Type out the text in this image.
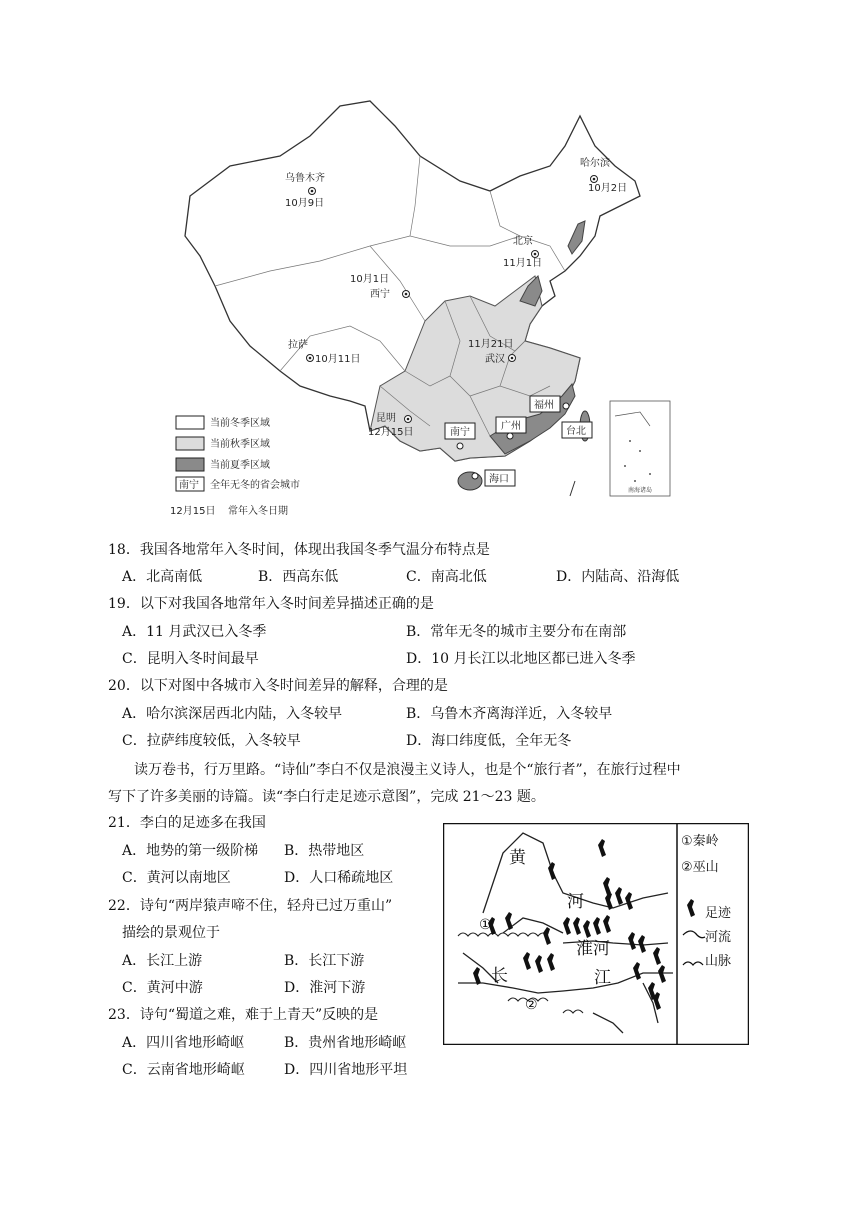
南海诸岛
乌鲁木齐
10月9日
哈尔滨
10月2日
北京
11月1日
10月1日
西宁
拉萨
10月11日
11月21日
武汉
昆明
12月15日	南宁
广州
福州
台北
海口
当前冬季区域
当前秋季区域
当前夏季区域
南宁 全年无冬的省会城市
12月15日 常年入冬日期
18．我国各地常年入冬时间，体现出我国冬季气温分布特点是
A．北高南低	B．西高东低	C．南高北低	D．内陆高、沿海低
19．以下对我国各地常年入冬时间差异描述正确的是
A．11 月武汉已入冬季	B．常年无冬的城市主要分布在南部
C．昆明入冬时间最早	D．10 月长江以北地区都已进入冬季
20．以下对图中各城市入冬时间差异的解释，合理的是
A．哈尔滨深居西北内陆，入冬较早	B．乌鲁木齐离海洋近，入冬较早
C．拉萨纬度较低，入冬较早	D．海口纬度低，全年无冬
读万卷书，行万里路。“诗仙”李白不仅是浪漫主义诗人，也是个“旅行者”，在旅行过程中
写下了许多美丽的诗篇。读“李白行走足迹示意图”，完成 21～23 题。
21．李白的足迹多在我国
A．地势的第一级阶梯 B．热带地区
C．黄河以南地区	D．人口稀疏地区
22．诗句“两岸猿声啼不住，轻舟已过万重山”
描绘的景观位于
A．长江上游	B．长江下游
C．黄河中游	D．淮河下游
23．诗句“蜀道之难，难于上青天”反映的是
A．四川省地形崎岖	B．贵州省地形崎岖
C．云南省地形崎岖	D．四川省地形平坦
黄
河
淮河
长	江
①
②
①秦岭
②巫山
足迹
河流
山脉
